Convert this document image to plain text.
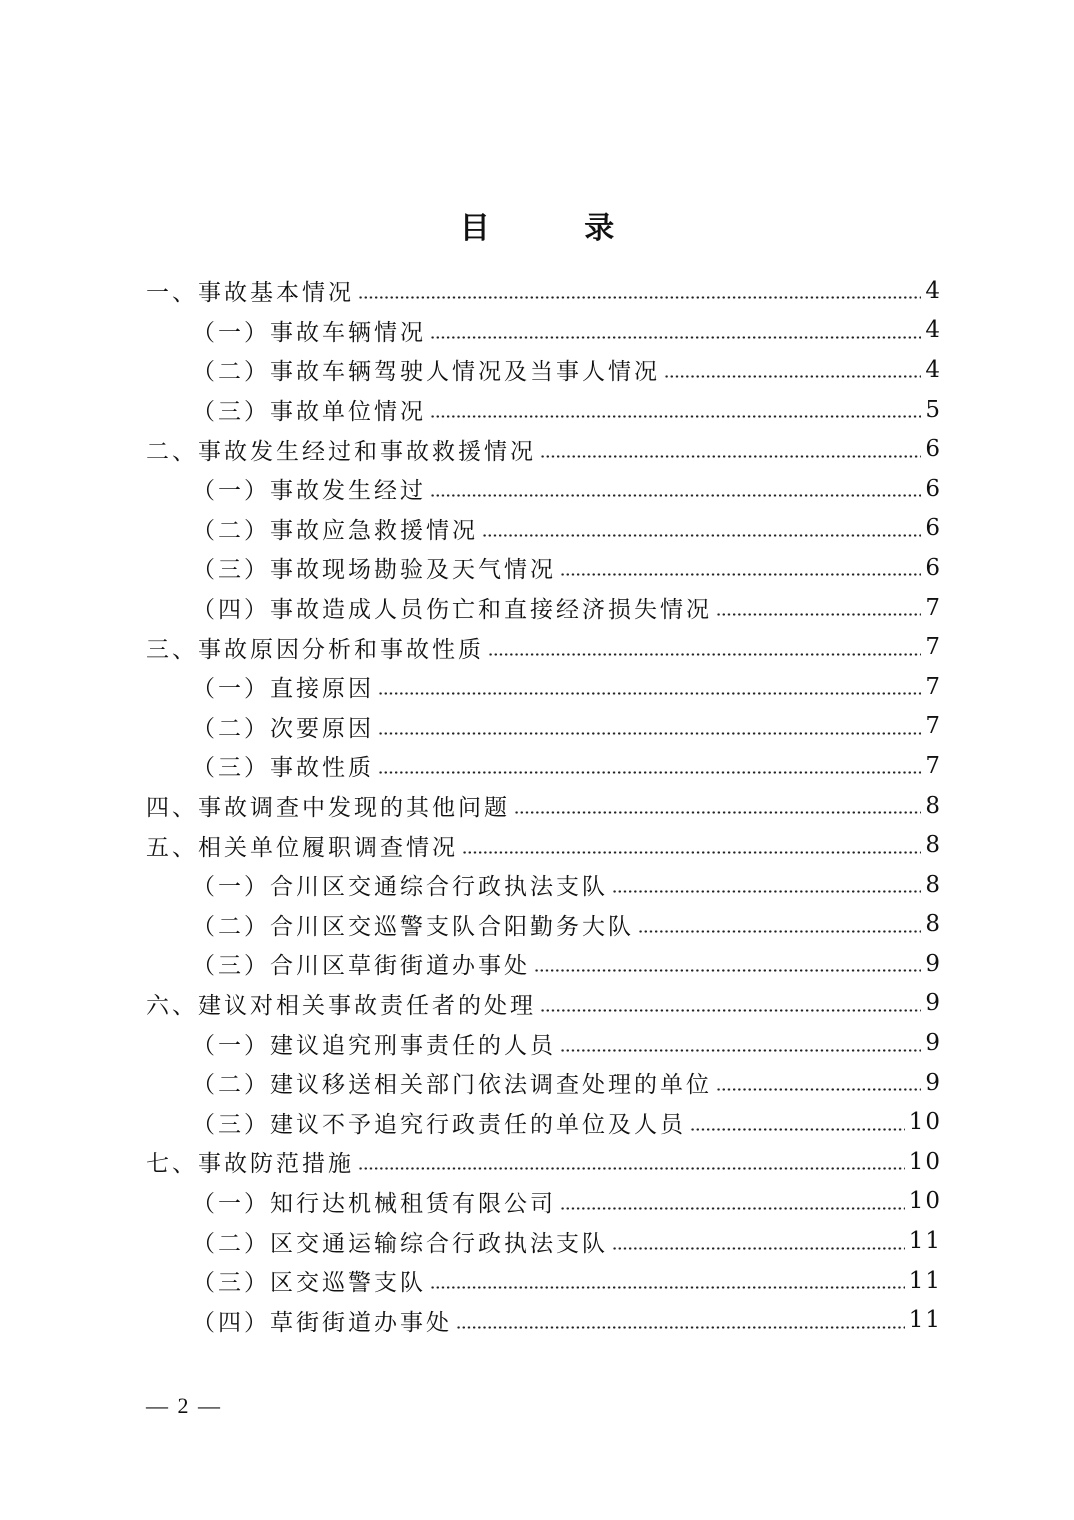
目 录
一、事故基本情况	4
（一）事故车辆情况	4
（二）事故车辆驾驶人情况及当事人情况	4
（三）事故单位情况	5
二、事故发生经过和事故救援情况	6
（一）事故发生经过	6
（二）事故应急救援情况	6
（三）事故现场勘验及天气情况	6
（四）事故造成人员伤亡和直接经济损失情况	7
三、事故原因分析和事故性质	7
（一）直接原因	7
（二）次要原因	7
（三）事故性质	7
四、事故调查中发现的其他问题	8
五、相关单位履职调查情况	8
（一）合川区交通综合行政执法支队	8
（二）合川区交巡警支队合阳勤务大队	8
（三）合川区草街街道办事处	9
六、建议对相关事故责任者的处理	9
（一）建议追究刑事责任的人员	9
（二）建议移送相关部门依法调查处理的单位	9
（三）建议不予追究行政责任的单位及人员	10
七、事故防范措施	10
（一）知行达机械租赁有限公司	10
（二）区交通运输综合行政执法支队	11
（三）区交巡警支队	11
（四）草街街道办事处	11
— 2 —
